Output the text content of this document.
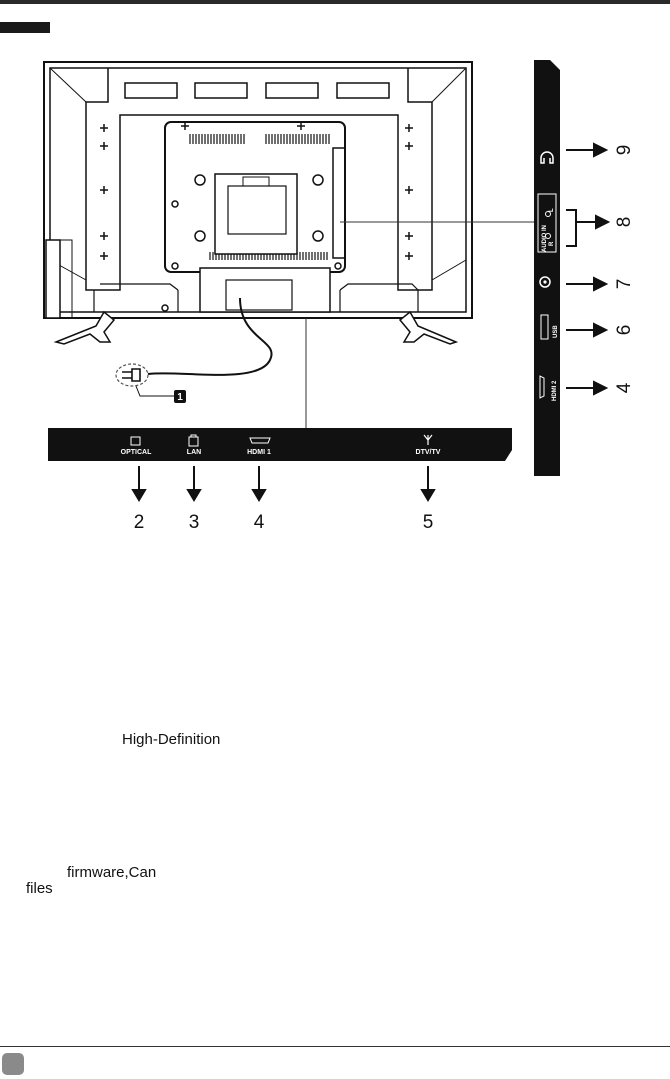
1
OPTICAL	LAN	HDMI 1	DTV/TV
2 3	4	5
AUDIO IN
L
R
USB
HDMI 2
9
8
7
6
4
High-Definition
firmware,Can
files
